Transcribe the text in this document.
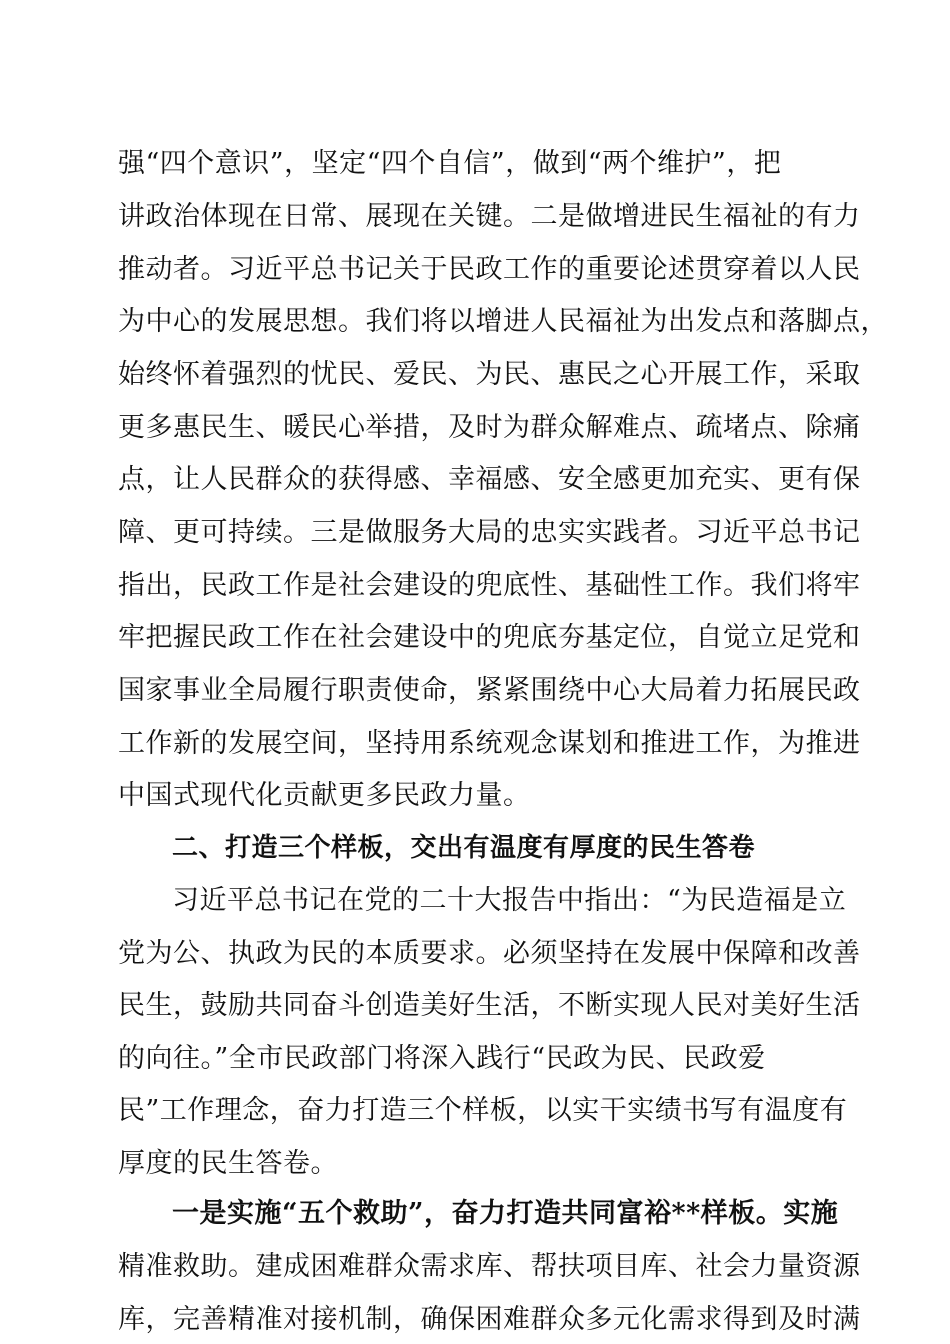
强“四个意识”，坚定“四个自信”，做到“两个维护”，把
讲政治体现在日常、展现在关键。二是做增进民生福祉的有力
推动者。习近平总书记关于民政工作的重要论述贯穿着以人民
为中心的发展思想。我们将以增进人民福祉为出发点和落脚点，
始终怀着强烈的忧民、爱民、为民、惠民之心开展工作，采取
更多惠民生、暖民心举措，及时为群众解难点、疏堵点、除痛
点，让人民群众的获得感、幸福感、安全感更加充实、更有保
障、更可持续。三是做服务大局的忠实实践者。习近平总书记
指出，民政工作是社会建设的兜底性、基础性工作。我们将牢
牢把握民政工作在社会建设中的兜底夯基定位，自觉立足党和
国家事业全局履行职责使命，紧紧围绕中心大局着力拓展民政
工作新的发展空间，坚持用系统观念谋划和推进工作，为推进
中国式现代化贡献更多民政力量。
二、打造三个样板，交出有温度有厚度的民生答卷
习近平总书记在党的二十大报告中指出：“为民造福是立
党为公、执政为民的本质要求。必须坚持在发展中保障和改善
民生，鼓励共同奋斗创造美好生活，不断实现人民对美好生活
的向往。”全市民政部门将深入践行“民政为民、民政爱
民”工作理念，奋力打造三个样板，以实干实绩书写有温度有
厚度的民生答卷。
一是实施“五个救助”，奋力打造共同富裕**样板。实施
精准救助。建成困难群众需求库、帮扶项目库、社会力量资源
库，完善精准对接机制，确保困难群众多元化需求得到及时满
